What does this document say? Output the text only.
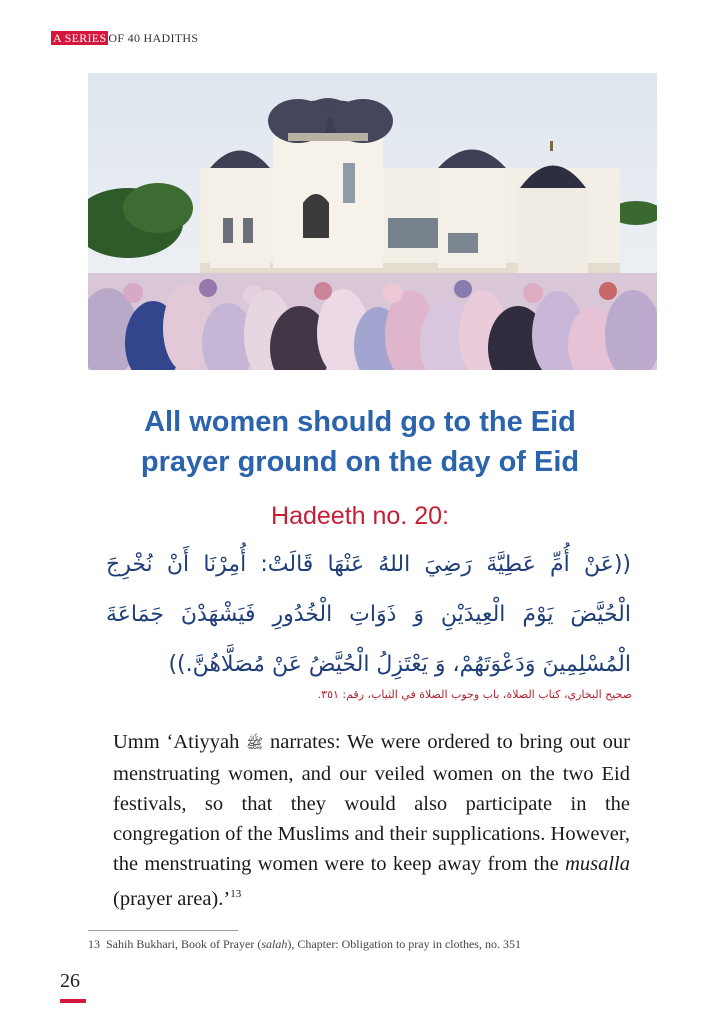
A SERIES OF 40 HADITHS
All women should go to the Eid
prayer ground on the day of Eid
Hadeeth no. 20:
((عَنْ أُمِّ عَطِيَّةَ رَضِيَ اللهُ عَنْهَا قَالَتْ: أُمِرْنَا أَنْ نُخْرِجَ الْحُيَّضَ يَوْمَ الْعِيدَيْنِ وَ ذَوَاتِ الْخُدُورِ فَيَشْهَدْنَ جَمَاعَةَ الْمُسْلِمِينَ وَدَعْوَتَهُمْ، وَ يَعْتَزِلُ الْحُيَّضُ عَنْ مُصَلَّاهُنَّ.))
صحيح البخاري، كتاب الصلاة، باب وجوب الصلاة في الثياب، رقم: ٣٥١.
Umm ‘Atiyyah ﷺ narrates: We were ordered to bring out our menstruating women, and our veiled women on the two Eid festivals, so that they would also participate in the congregation of the Muslims and their supplications. However, the menstruating women were to keep away from the musalla (prayer area).’$^{13}$
13 Sahih Bukhari, Book of Prayer (salah), Chapter: Obligation to pray in clothes, no. 351
26
